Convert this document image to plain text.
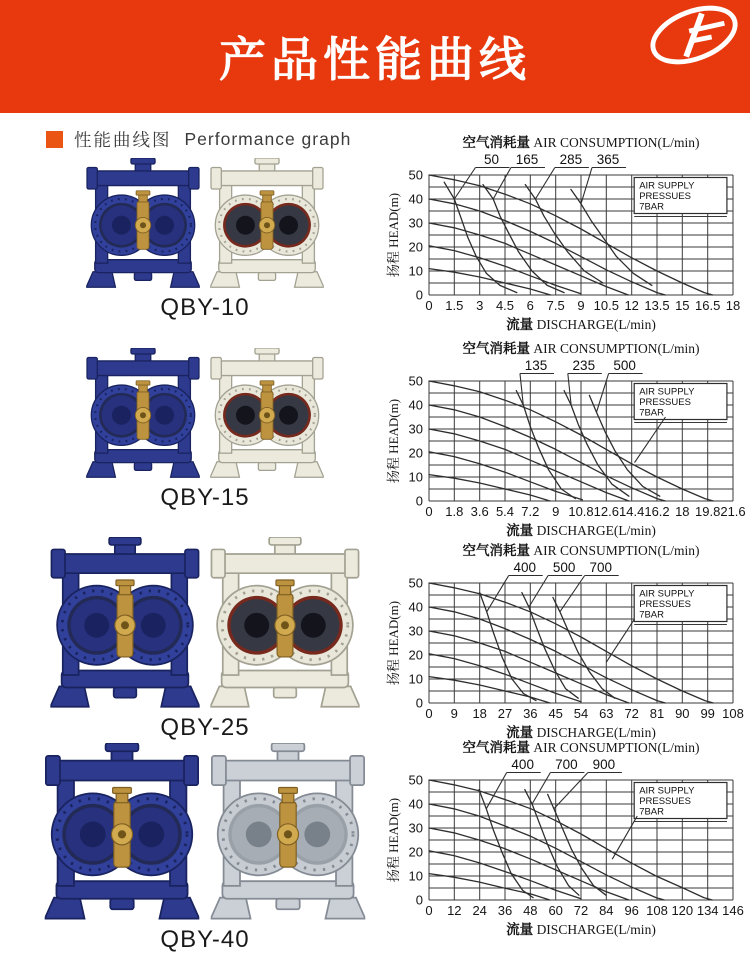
产品性能曲线
性能曲线图 Performance graph
QBY-10
QBY-15
QBY-25
QBY-40
AIR SUPPLY
PRESSUES
7BAR
50 165 285 365
0
10
20
30
40
50
0 1.5 3 4.5 6 7.5 9 10.5 12 13.5 15 16.5 18
空气消耗量 AIR CONSUMPTION(L/min)
扬程 HEAD(m)
流量 DISCHARGE(L/min)
AIR SUPPLY
PRESSUES
7BAR
135 235 500
0
10
20
30
40
50
0 1.8 3.6 5.4 7.2 9 10.8 12.6 14.4 16.2 18 19.8 21.6
空气消耗量 AIR CONSUMPTION(L/min)
扬程 HEAD(m)
流量 DISCHARGE(L/min)
AIR SUPPLY
PRESSUES
7BAR
400 500 700
0
10
20
30
40
50
0 9 18 27 36 45 54 63 72 81 90 99 108
空气消耗量 AIR CONSUMPTION(L/min)
扬程 HEAD(m)
流量 DISCHARGE(L/min)
AIR SUPPLY
PRESSUES
7BAR
400 700 900
0
10
20
30
40
50
0 12 24 36 48 60 72 84 96 108 120 134 146
空气消耗量 AIR CONSUMPTION(L/min)
扬程 HEAD(m)
流量 DISCHARGE(L/min)
